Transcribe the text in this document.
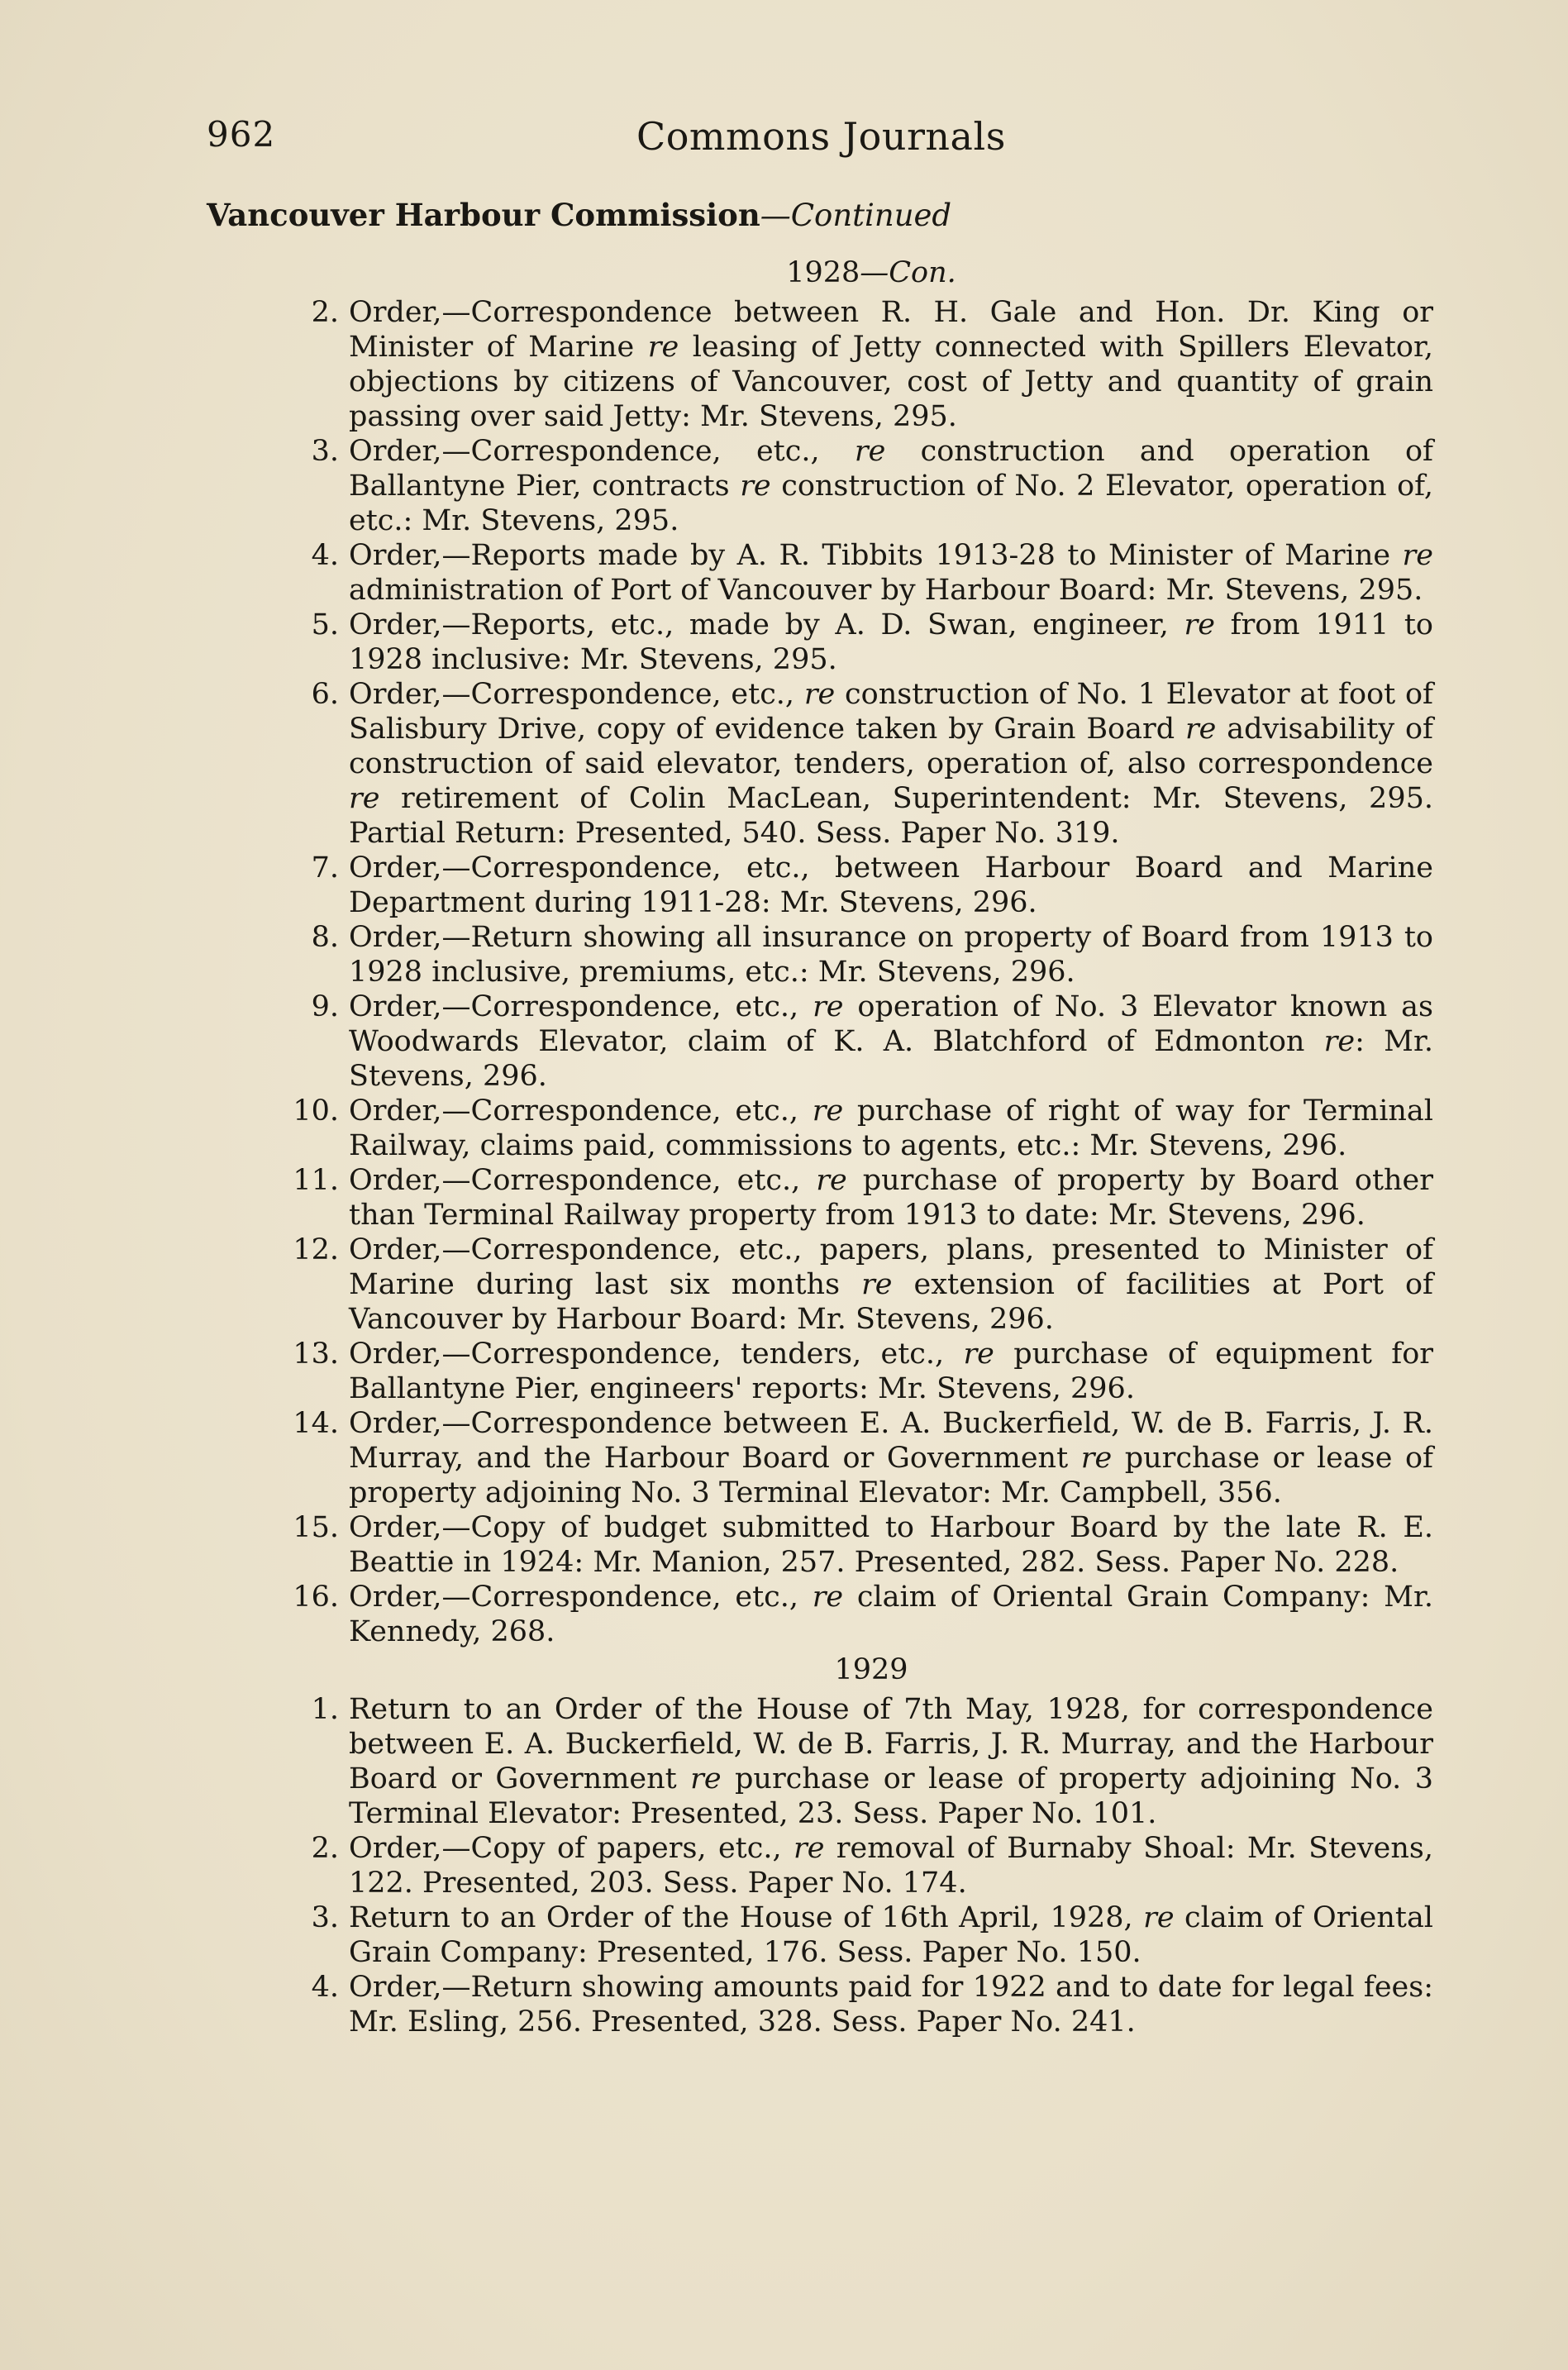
962	Commons Journals
Vancouver Harbour Commission—Continued
1928—Con.
2. Order,—Correspondence between R. H. Gale and Hon. Dr. King or Minister of Marine re leasing of Jetty connected with Spillers Elevator, objections by citizens of Vancouver, cost of Jetty and quantity of grain passing over said Jetty: Mr. Stevens, 295.
3. Order,—Correspondence, etc., re construction and operation of Ballantyne Pier, contracts re construction of No. 2 Elevator, operation of, etc.: Mr. Stevens, 295.
4. Order,—Reports made by A. R. Tibbits 1913-28 to Minister of Marine re administration of Port of Vancouver by Harbour Board: Mr. Stevens, 295.
5. Order,—Reports, etc., made by A. D. Swan, engineer, re from 1911 to 1928 inclusive: Mr. Stevens, 295.
6. Order,—Correspondence, etc., re construction of No. 1 Elevator at foot of Salisbury Drive, copy of evidence taken by Grain Board re advisability of construction of said elevator, tenders, operation of, also correspondence re retirement of Colin MacLean, Superintendent: Mr. Stevens, 295. Partial Return: Presented, 540. Sess. Paper No. 319.
7. Order,—Correspondence, etc., between Harbour Board and Marine Department during 1911-28: Mr. Stevens, 296.
8. Order,—Return showing all insurance on property of Board from 1913 to 1928 inclusive, premiums, etc.: Mr. Stevens, 296.
9. Order,—Correspondence, etc., re operation of No. 3 Elevator known as Woodwards Elevator, claim of K. A. Blatchford of Edmonton re: Mr. Stevens, 296.
10. Order,—Correspondence, etc., re purchase of right of way for Terminal Railway, claims paid, commissions to agents, etc.: Mr. Stevens, 296.
11. Order,—Correspondence, etc., re purchase of property by Board other than Terminal Railway property from 1913 to date: Mr. Stevens, 296.
12. Order,—Correspondence, etc., papers, plans, presented to Minister of Marine during last six months re extension of facilities at Port of Vancouver by Harbour Board: Mr. Stevens, 296.
13. Order,—Correspondence, tenders, etc., re purchase of equipment for Ballantyne Pier, engineers' reports: Mr. Stevens, 296.
14. Order,—Correspondence between E. A. Buckerfield, W. de B. Farris, J. R. Murray, and the Harbour Board or Government re purchase or lease of property adjoining No. 3 Terminal Elevator: Mr. Campbell, 356.
15. Order,—Copy of budget submitted to Harbour Board by the late R. E. Beattie in 1924: Mr. Manion, 257. Presented, 282. Sess. Paper No. 228.
16. Order,—Correspondence, etc., re claim of Oriental Grain Company: Mr. Kennedy, 268.
1929
1. Return to an Order of the House of 7th May, 1928, for correspondence between E. A. Buckerfield, W. de B. Farris, J. R. Murray, and the Harbour Board or Government re purchase or lease of property adjoining No. 3 Terminal Elevator: Presented, 23. Sess. Paper No. 101.
2. Order,—Copy of papers, etc., re removal of Burnaby Shoal: Mr. Stevens, 122. Presented, 203. Sess. Paper No. 174.
3. Return to an Order of the House of 16th April, 1928, re claim of Oriental Grain Company: Presented, 176. Sess. Paper No. 150.
4. Order,—Return showing amounts paid for 1922 and to date for legal fees: Mr. Esling, 256. Presented, 328. Sess. Paper No. 241.
